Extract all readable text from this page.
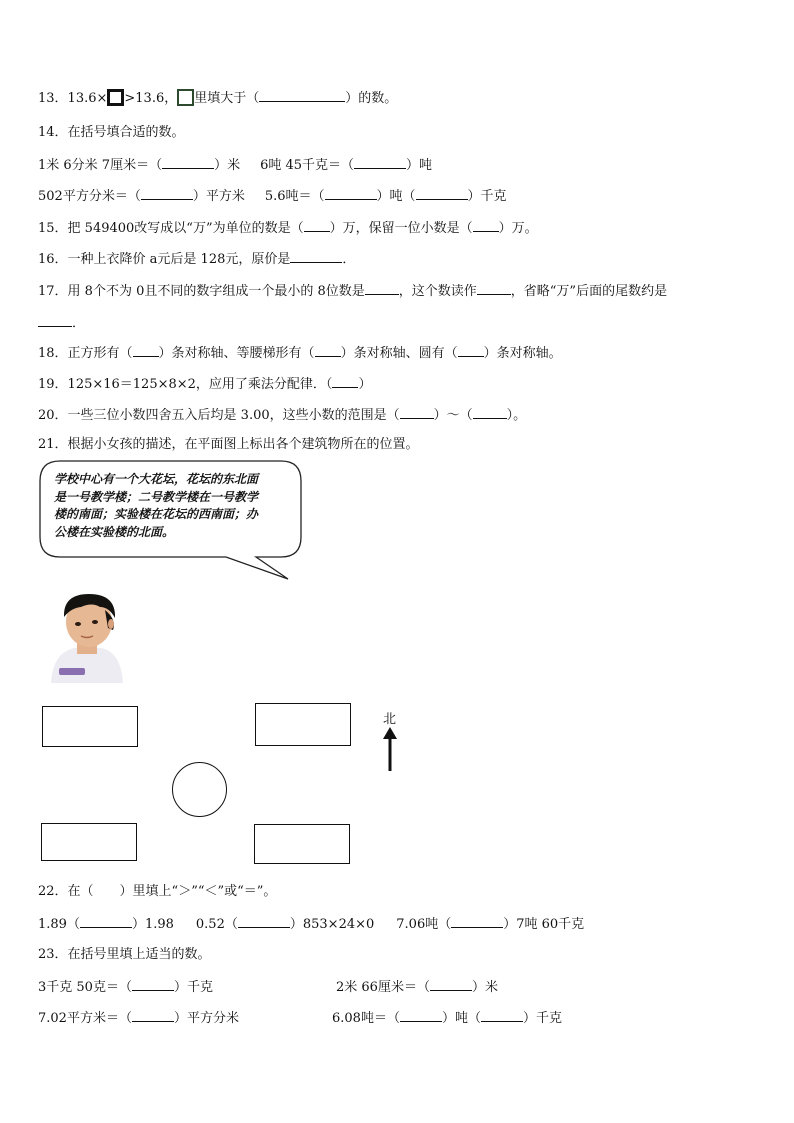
13．13.6× >13.6， 里填大于（	）的数。
14．在括号填合适的数。
1米 6分米 7厘米＝（	）米 6吨 45千克＝（	）吨
502平方分米＝（	）平方米 5.6吨＝（	）吨（	）千克
15．把 549400改写成以“万”为单位的数是（ ）万，保留一位小数是（ ）万。
16．一种上衣降价 a元后是 128元，原价是	．
17．用 8个不为 0且不同的数字组成一个最小的 8位数是	，这个数读作	，省略“万”后面的尾数约是
．
18．正方形有（ ）条对称轴、等腰梯形有（ ）条对称轴、圆有（ ）条对称轴。
19．125×16＝125×8×2，应用了乘法分配律．（ ）
20．一些三位小数四舍五入后均是 3.00，这些小数的范围是（	）～（	）。
21．根据小女孩的描述，在平面图上标出各个建筑物所在的位置。
学校中心有一个大花坛，花坛的东北面
是一号教学楼；二号教学楼在一号教学
楼的南面；实验楼在花坛的西南面；办
公楼在实验楼的北面。
北
22．在（　　）里填上“＞”“＜”或“＝”。
1.89（	）1.98 0.52（	）853×24×0 7.06吨（	）7吨 60千克
23．在括号里填上适当的数。
3千克 50克＝（	）千克	2米 66厘米＝（	）米
7.02平方米＝（	）平方分米	6.08吨＝（	）吨（	）千克
